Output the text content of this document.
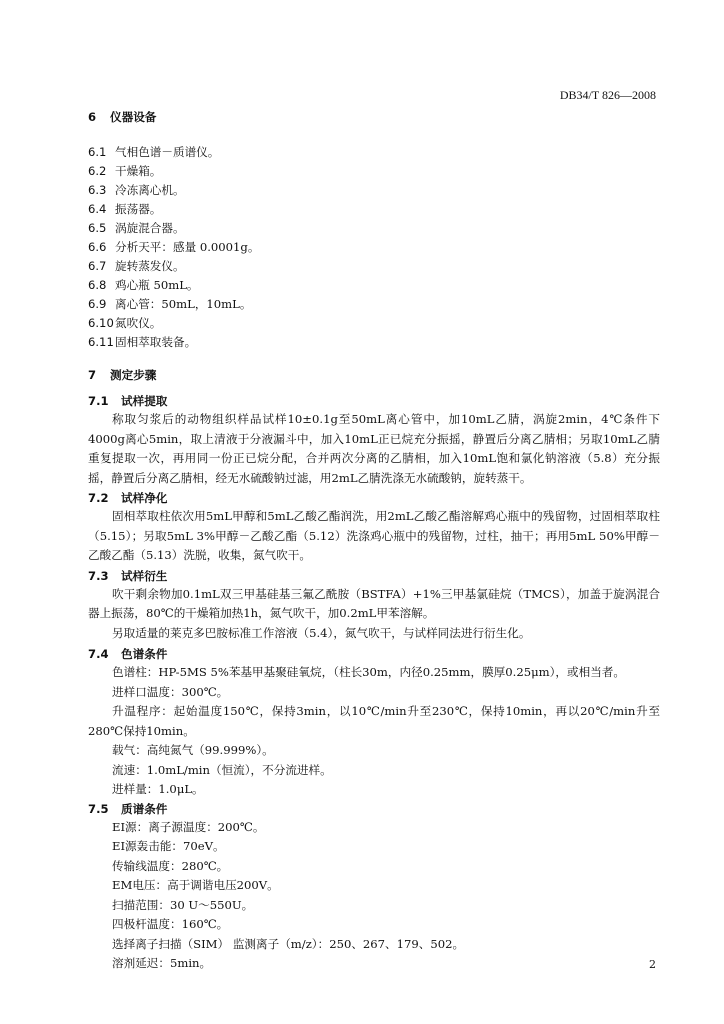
DB34/T 826—2008
6 仪器设备
6.1 气相色谱－质谱仪。
6.2 干燥箱。
6.3 冷冻离心机。
6.4 振荡器。
6.5 涡旋混合器。
6.6 分析天平：感量 0.0001g。
6.7 旋转蒸发仪。
6.8 鸡心瓶 50mL。
6.9 离心管：50mL，10mL。
6.10氮吹仪。
6.11固相萃取装备。
7 测定步骤
7.1 试样提取

称取匀浆后的动物组织样品试样10±0.1g至50mL离心管中，加10mL乙腈，涡旋2min，4℃条件下4000g离心5min，取上清液于分液漏斗中，加入10mL正已烷充分振摇，静置后分离乙腈相；另取10mL乙腈重复提取一次，再用同一份正已烷分配，合并两次分离的乙腈相，加入10mL饱和氯化钠溶液（5.8）充分振摇，静置后分离乙腈相，经无水硫酸钠过滤，用2mL乙腈洗涤无水硫酸钠，旋转蒸干。

7.2 试样净化

固相萃取柱依次用5mL甲醇和5mL乙酸乙酯润洗，用2mL乙酸乙酯溶解鸡心瓶中的残留物，过固相萃取柱（5.15）；另取5mL 3%甲醇－乙酸乙酯（5.12）洗涤鸡心瓶中的残留物，过柱，抽干；再用5mL 50%甲醇－乙酸乙酯（5.13）洗脱，收集，氮气吹干。

7.3 试样衍生

吹干剩余物加0.1mL双三甲基硅基三氟乙酰胺（BSTFA）+1%三甲基氯硅烷（TMCS），加盖于旋涡混合器上振荡，80℃的干燥箱加热1h，氮气吹干，加0.2mL甲苯溶解。

另取适量的莱克多巴胺标准工作溶液（5.4），氮气吹干，与试样同法进行衍生化。

7.4 色谱条件

色谱柱：HP-5MS 5%苯基甲基聚硅氧烷，（柱长30m，内径0.25mm，膜厚0.25μm），或相当者。

进样口温度：300℃。

升温程序：起始温度150℃，保持3min，以10℃/min升至230℃，保持10min，再以20℃/min升至280℃保持10min。

载气：高纯氮气（99.999%）。

流速：1.0mL/min（恒流），不分流进样。

进样量：1.0μL。

7.5 质谱条件

EI源：离子源温度：200℃。

EI源轰击能：70eV。

传输线温度：280℃。

EM电压：高于调谐电压200V。

扫描范围：30 U～550U。

四极杆温度：160℃。

选择离子扫描（SIM） 监测离子（m/z）：250、267、179、502。

溶剂延迟：5min。	2
